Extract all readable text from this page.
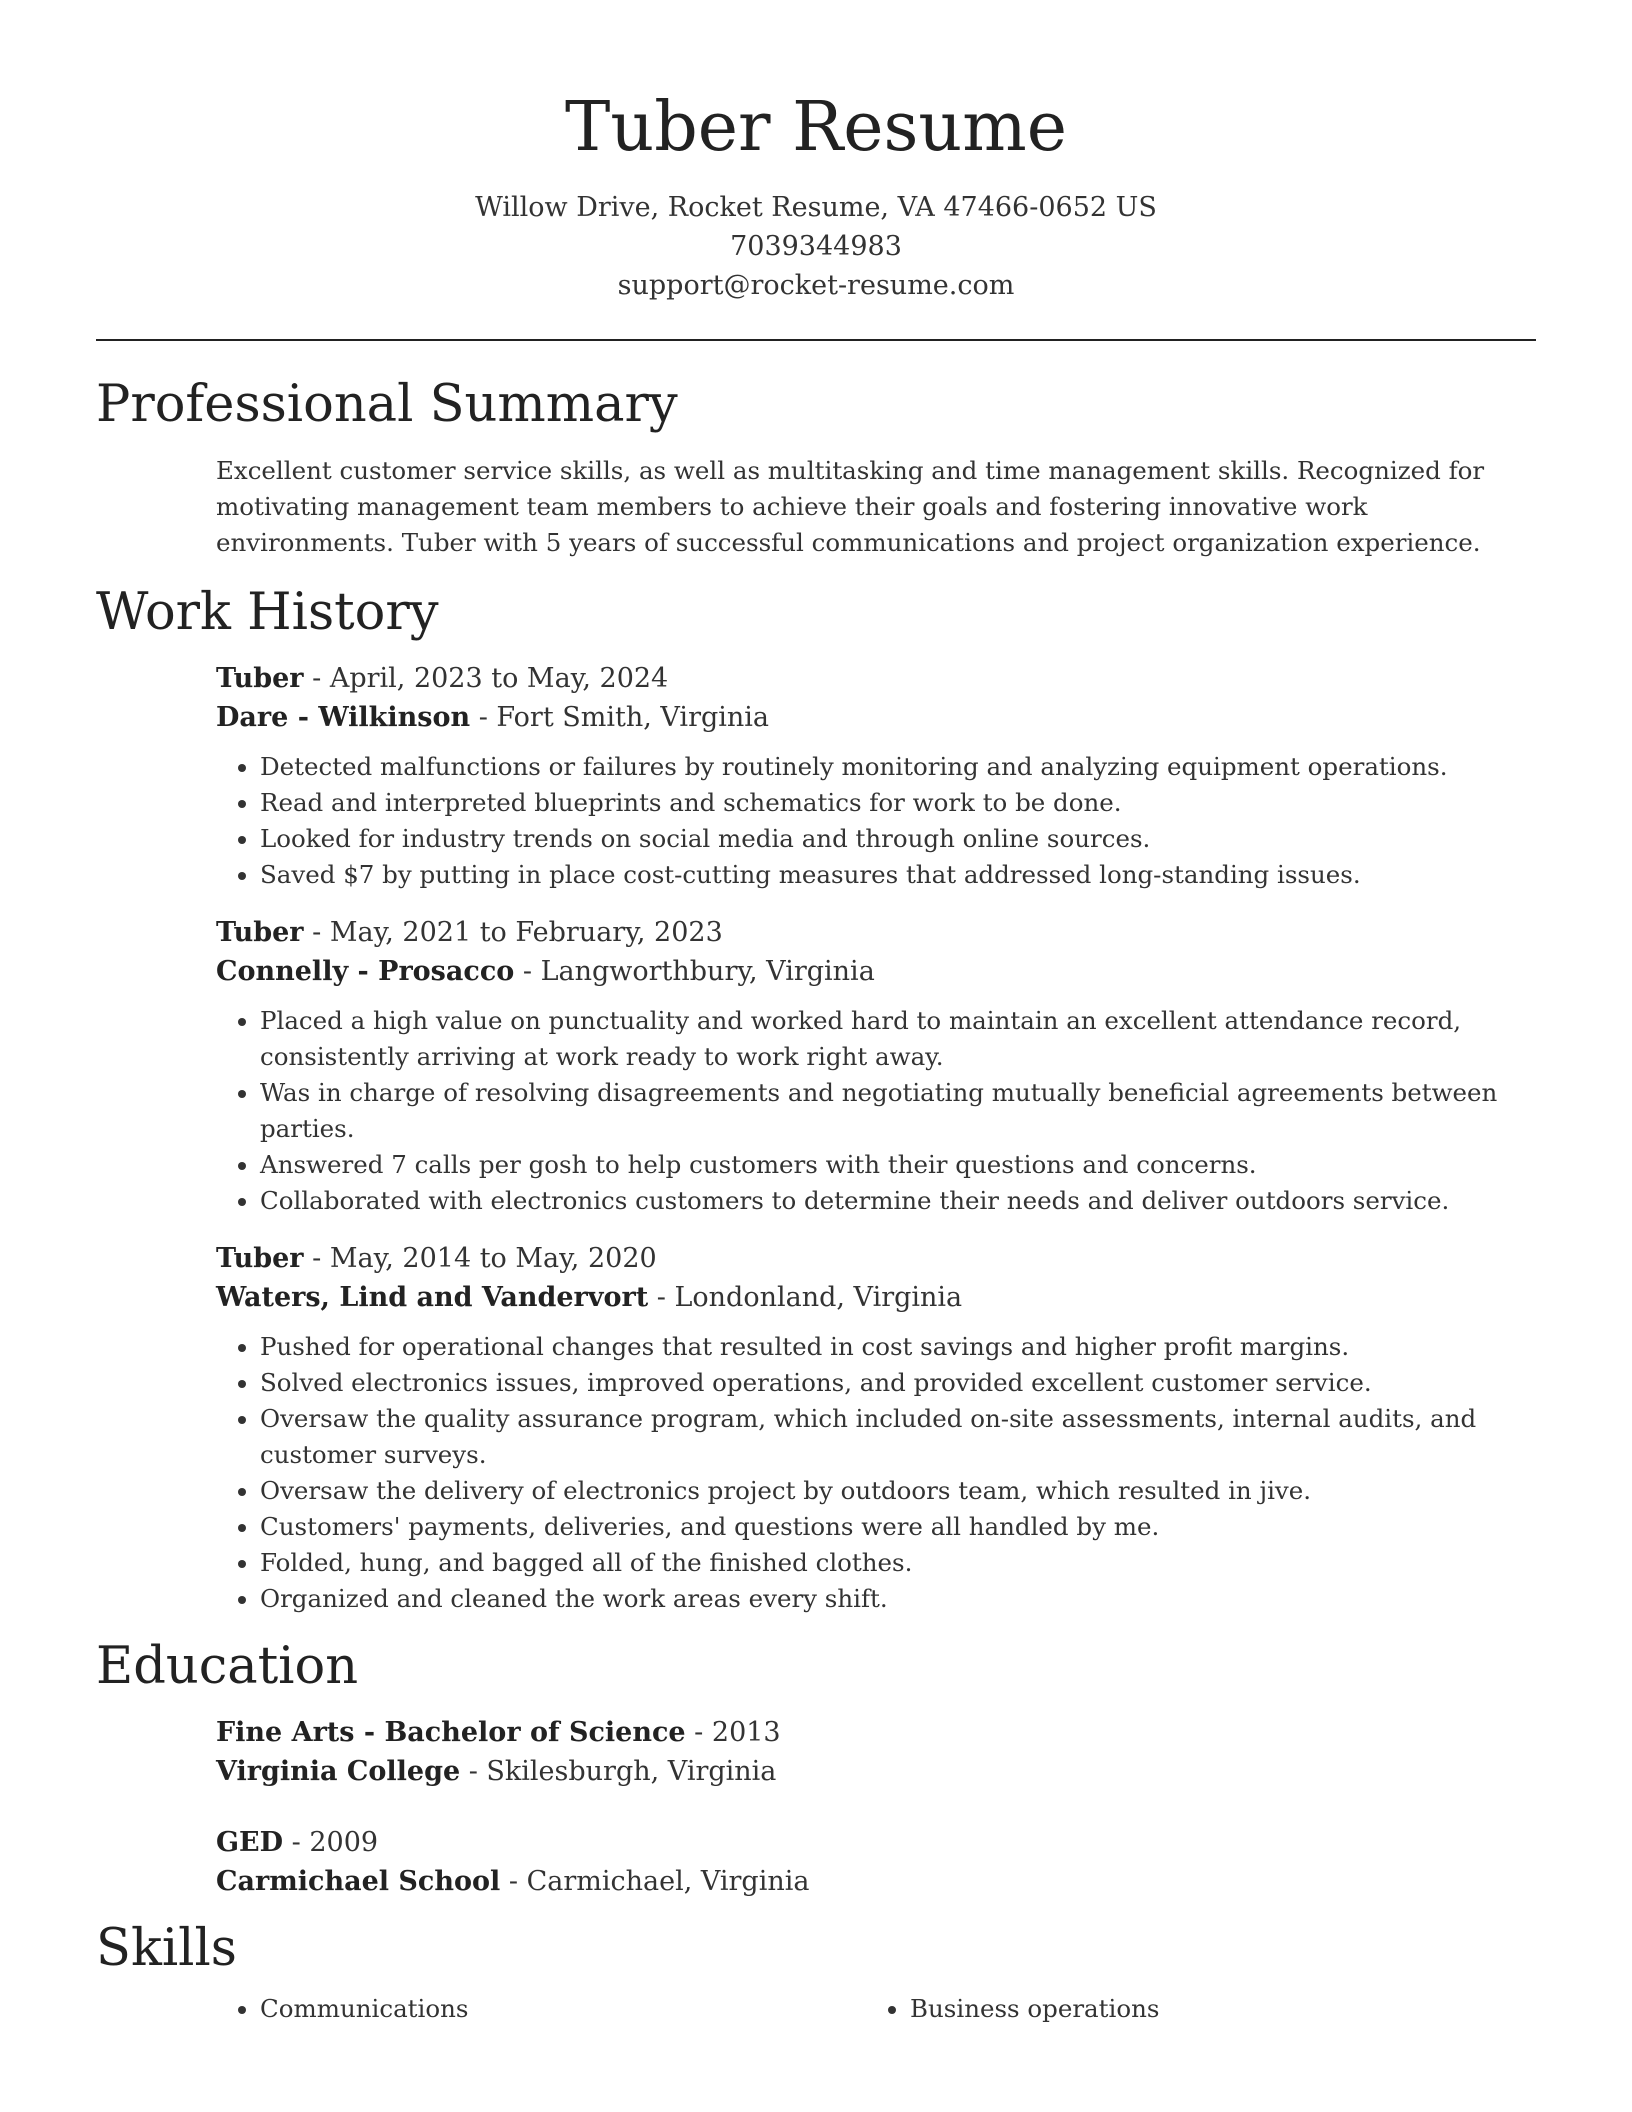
Tuber Resume
Willow Drive, Rocket Resume, VA 47466-0652 US
7039344983
support@rocket-resume.com
Professional Summary

Excellent customer service skills, as well as multitasking and time management skills. Recognized for motivating management team members to achieve their goals and fostering innovative work environments. Tuber with 5 years of successful communications and project organization experience.

Work History
Tuber - April, 2023 to May, 2024
Dare - Wilkinson - Fort Smith, Virginia
• Detected malfunctions or failures by routinely monitoring and analyzing equipment operations.
• Read and interpreted blueprints and schematics for work to be done.
• Looked for industry trends on social media and through online sources.
• Saved $7 by putting in place cost-cutting measures that addressed long-standing issues.
Tuber - May, 2021 to February, 2023
Connelly - Prosacco - Langworthbury, Virginia
• Placed a high value on punctuality and worked hard to maintain an excellent attendance record, consistently arriving at work ready to work right away.
• Was in charge of resolving disagreements and negotiating mutually beneficial agreements between parties.
• Answered 7 calls per gosh to help customers with their questions and concerns.
• Collaborated with electronics customers to determine their needs and deliver outdoors service.
Tuber - May, 2014 to May, 2020
Waters, Lind and Vandervort - Londonland, Virginia
• Pushed for operational changes that resulted in cost savings and higher profit margins.
• Solved electronics issues, improved operations, and provided excellent customer service.
• Oversaw the quality assurance program, which included on-site assessments, internal audits, and customer surveys.
• Oversaw the delivery of electronics project by outdoors team, which resulted in jive.
• Customers' payments, deliveries, and questions were all handled by me.
• Folded, hung, and bagged all of the finished clothes.
• Organized and cleaned the work areas every shift.
Education
Fine Arts - Bachelor of Science - 2013
Virginia College - Skilesburgh, Virginia
GED - 2009
Carmichael School - Carmichael, Virginia
Skills
• Communications
•	Business operations
